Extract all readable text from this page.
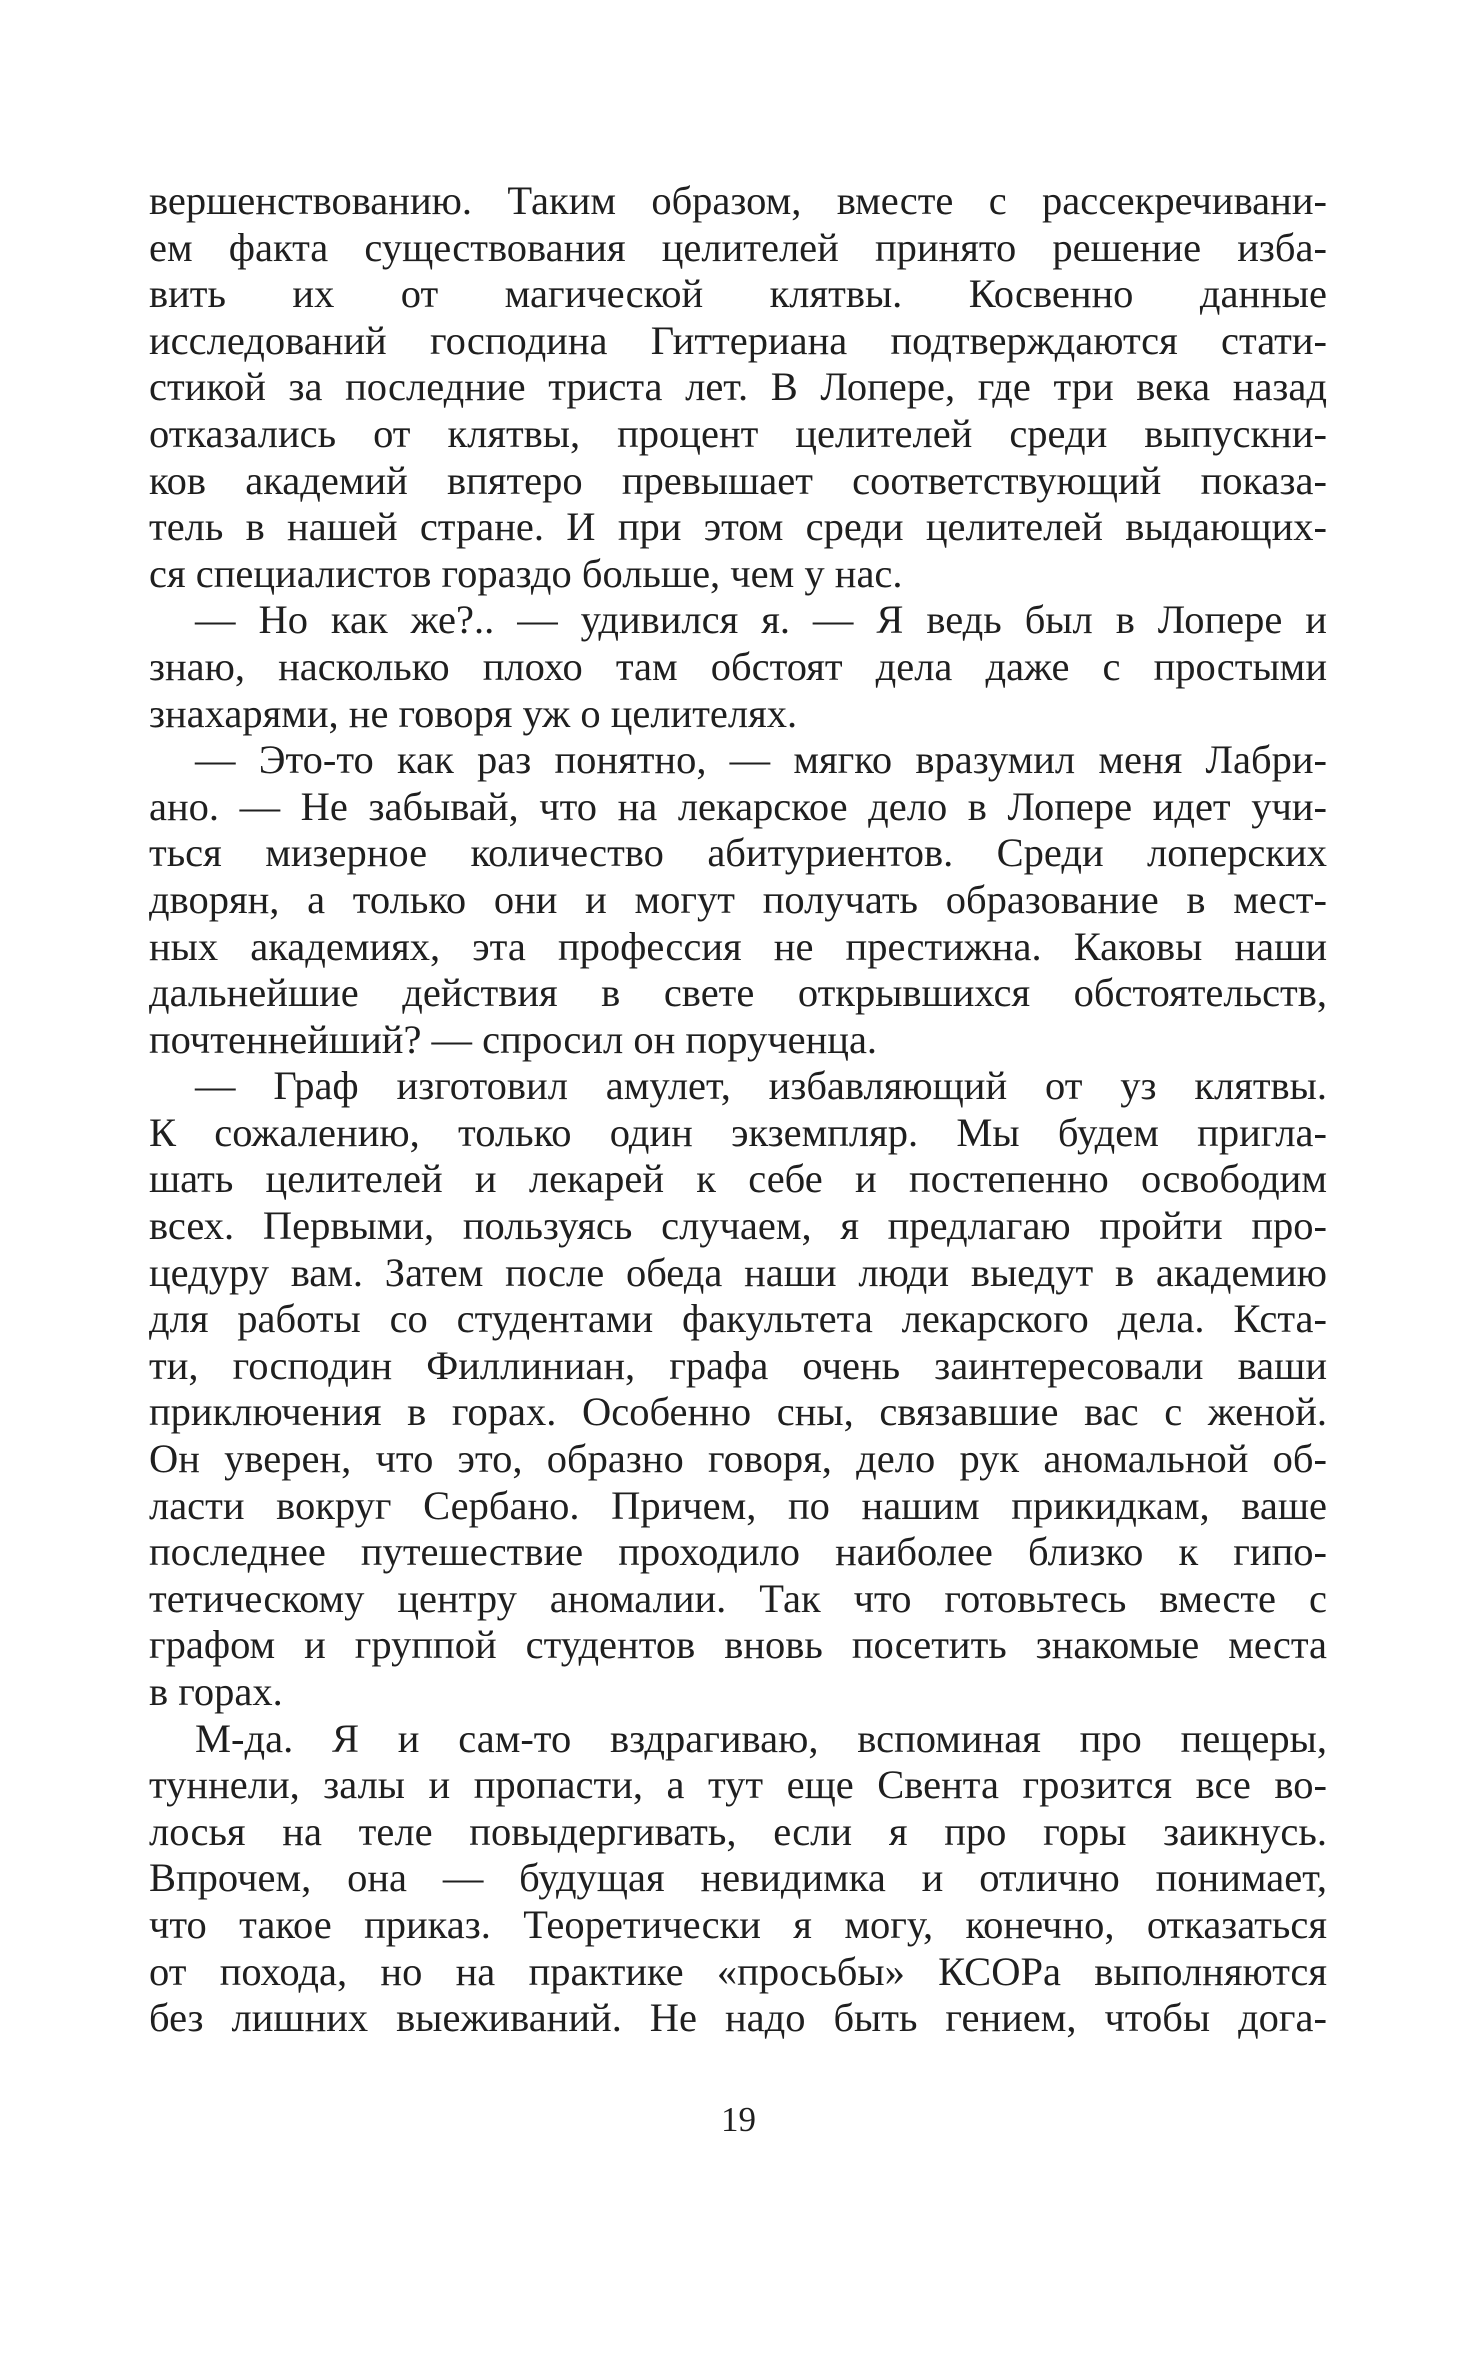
вершенствованию. Таким образом, вместе с рассекречивани-
ем факта существования целителей принято решение изба-
вить их от магической клятвы. Косвенно данные
исследований господина Гиттериана подтверждаются стати-
стикой за последние триста лет. В Лопере, где три века назад
отказались от клятвы, процент целителей среди выпускни-
ков академий впятеро превышает соответствующий показа-
тель в нашей стране. И при этом среди целителей выдающих-
ся специалистов гораздо больше, чем у нас.
— Но как же?.. — удивился я. — Я ведь был в Лопере и
знаю, насколько плохо там обстоят дела даже с простыми
знахарями, не говоря уж о целителях.
— Это-то как раз понятно, — мягко вразумил меня Лабри-
ано. — Не забывай, что на лекарское дело в Лопере идет учи-
ться мизерное количество абитуриентов. Среди лоперских
дворян, а только они и могут получать образование в мест-
ных академиях, эта профессия не престижна. Каковы наши
дальнейшие действия в свете открывшихся обстоятельств,
почтеннейший? — спросил он порученца.
— Граф изготовил амулет, избавляющий от уз клятвы.
К сожалению, только один экземпляр. Мы будем пригла-
шать целителей и лекарей к себе и постепенно освободим
всех. Первыми, пользуясь случаем, я предлагаю пройти про-
цедуру вам. Затем после обеда наши люди выедут в академию
для работы со студентами факультета лекарского дела. Кста-
ти, господин Филлиниан, графа очень заинтересовали ваши
приключения в горах. Особенно сны, связавшие вас с женой.
Он уверен, что это, образно говоря, дело рук аномальной об-
ласти вокруг Сербано. Причем, по нашим прикидкам, ваше
последнее путешествие проходило наиболее близко к гипо-
тетическому центру аномалии. Так что готовьтесь вместе с
графом и группой студентов вновь посетить знакомые места
в горах.
М-да. Я и сам-то вздрагиваю, вспоминая про пещеры,
туннели, залы и пропасти, а тут еще Свента грозится все во-
лосья на теле повыдергивать, если я про горы заикнусь.
Впрочем, она — будущая невидимка и отлично понимает,
что такое приказ. Теоретически я могу, конечно, отказаться
от похода, но на практике «просьбы» КСОРа выполняются
без лишних выеживаний. Не надо быть гением, чтобы дога-
19
